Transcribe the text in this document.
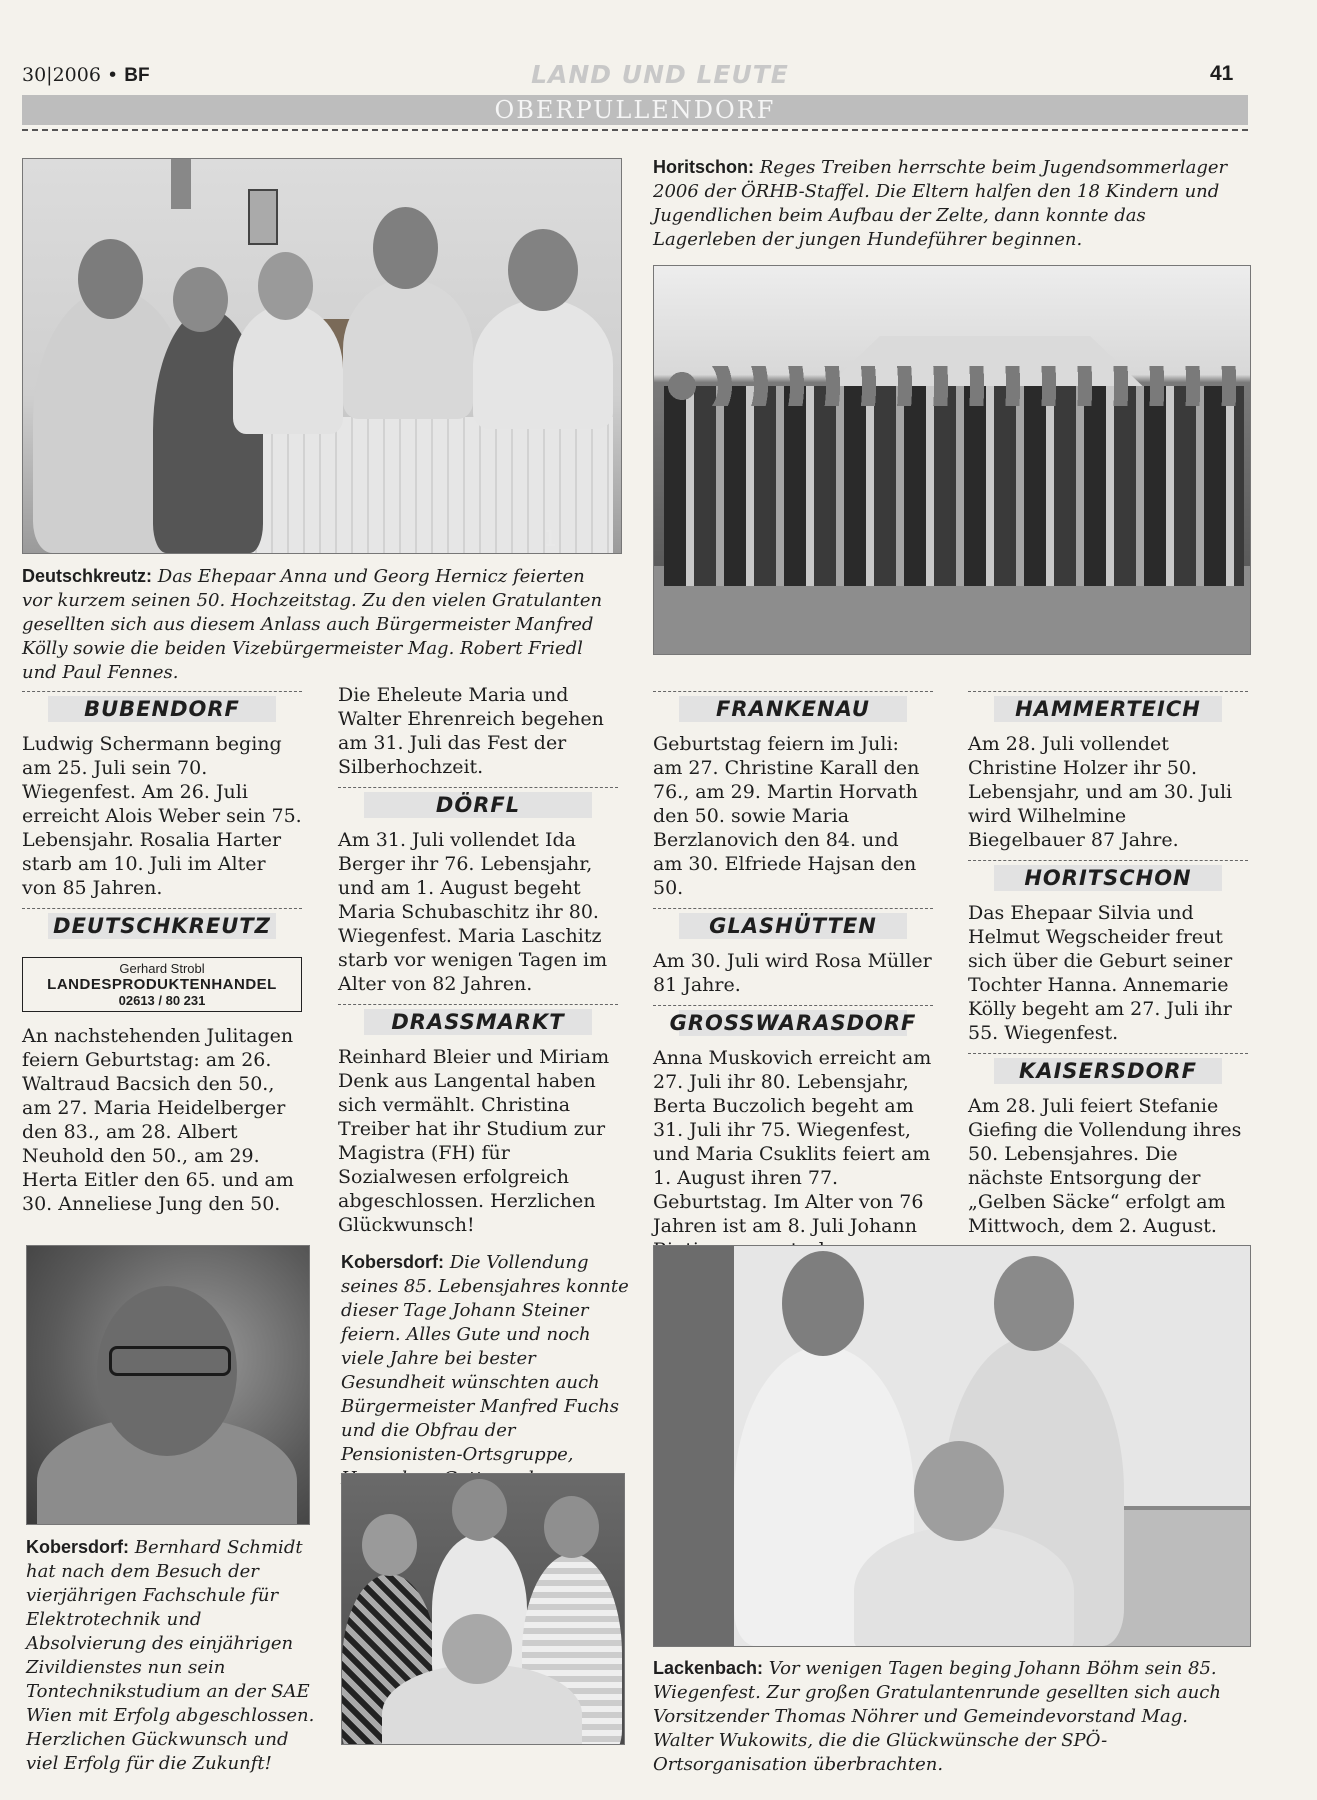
30|2006 • BF	LAND UND LEUTE	41
OBERPULLENDORF
1
Horitschon: Reges Treiben herrschte beim Jugendsommerlager 2006 der ÖRHB-Staffel. Die Eltern halfen den 18 Kindern und Jugendlichen beim Aufbau der Zelte, dann konnte das Lagerleben der jungen Hundeführer beginnen.
Deutschkreutz: Das Ehepaar Anna und Georg Hernicz feierten vor kurzem seinen 50. Hochzeitstag. Zu den vielen Gratulanten gesellten sich aus diesem Anlass auch Bürgermeister Manfred Kölly sowie die beiden Vizebürgermeister Mag. Robert Friedl und Paul Fennes.
BUBENDORF

Ludwig Schermann beging am 25. Juli sein 70. Wiegenfest. Am 26. Juli erreicht Alois Weber sein 75. Lebensjahr. Rosalia Harter starb am 10. Juli im Alter von 85 Jahren.

DEUTSCHKREUTZ
Gerhard Strobl
LANDESPRODUKTENHANDEL
02613 / 80 231

An nachstehenden Julitagen feiern Geburtstag: am 26. Waltraud Bacsich den 50., am 27. Maria Heidelberger den 83., am 28. Albert Neuhold den 50., am 29. Herta Eitler den 65. und am 30. Anneliese Jung den 50.

Die Eheleute Maria und Walter Ehrenreich begehen am 31. Juli das Fest der Silberhochzeit.

DÖRFL

Am 31. Juli vollendet Ida Berger ihr 76. Lebensjahr, und am 1. August begeht Maria Schubaschitz ihr 80. Wiegenfest. Maria Laschitz starb vor wenigen Tagen im Alter von 82 Jahren.

DRASSMARKT

Reinhard Bleier und Miriam Denk aus Langental haben sich vermählt. Christina Treiber hat ihr Studium zur Magistra (FH) für Sozialwesen erfolgreich abgeschlossen. Herzlichen Glückwunsch!

FRANKENAU

Geburtstag feiern im Juli: am 27. Christine Karall den 76., am 29. Martin Horvath den 50. sowie Maria Berzlanovich den 84. und am 30. Elfriede Hajsan den 50.

GLASHÜTTEN

Am 30. Juli wird Rosa Müller 81 Jahre.

GROSSWARASDORF

Anna Muskovich erreicht am 27. Juli ihr 80. Lebensjahr, Berta Buczolich begeht am 31. Juli ihr 75. Wiegenfest, und Maria Csuklits feiert am 1. August ihren 77. Geburtstag. Im Alter von 76 Jahren ist am 8. Juli Johann

HAMMERTEICH

Am 28. Juli vollendet Christine Holzer ihr 50. Lebensjahr, und am 30. Juli wird Wilhelmine Biegelbauer 87 Jahre.

HORITSCHON

Das Ehepaar Silvia und Helmut Wegscheider freut sich über die Geburt seiner Tochter Hanna. Annemarie Kölly begeht am 27. Juli ihr 55. Wiegenfest.

KAISERSDORF

Am 28. Juli feiert Stefanie Giefing die Vollendung ihres 50. Lebensjahres. Die nächste Entsorgung der „Gelben Säcke“ erfolgt am Mittwoch, dem 2. August.

Kobersdorf: Bernhard Schmidt hat nach dem Besuch der vierjährigen Fachschule für Elektrotechnik und Absolvierung des einjährigen Zivildienstes nun sein Tontechnikstudium an der SAE Wien mit Erfolg abgeschlossen. Herzlichen Gückwunsch und viel Erfolg für die Zukunft!
Kobersdorf: Die Vollendung seines 85. Lebensjahres konnte dieser Tage Johann Steiner feiern. Alles Gute und noch viele Jahre bei bester Gesundheit wünschten auch Bürgermeister Manfred Fuchs und die Obfrau der Pensionisten-Ortsgruppe,
Lackenbach: Vor wenigen Tagen beging Johann Böhm sein 85. Wiegenfest. Zur großen Gratulantenrunde gesellten sich auch Vorsitzender Thomas Nöhrer und Gemeindevorstand Mag. Walter Wukowits, die die Glückwünsche der SPÖ-Ortsorganisation überbrachten.
